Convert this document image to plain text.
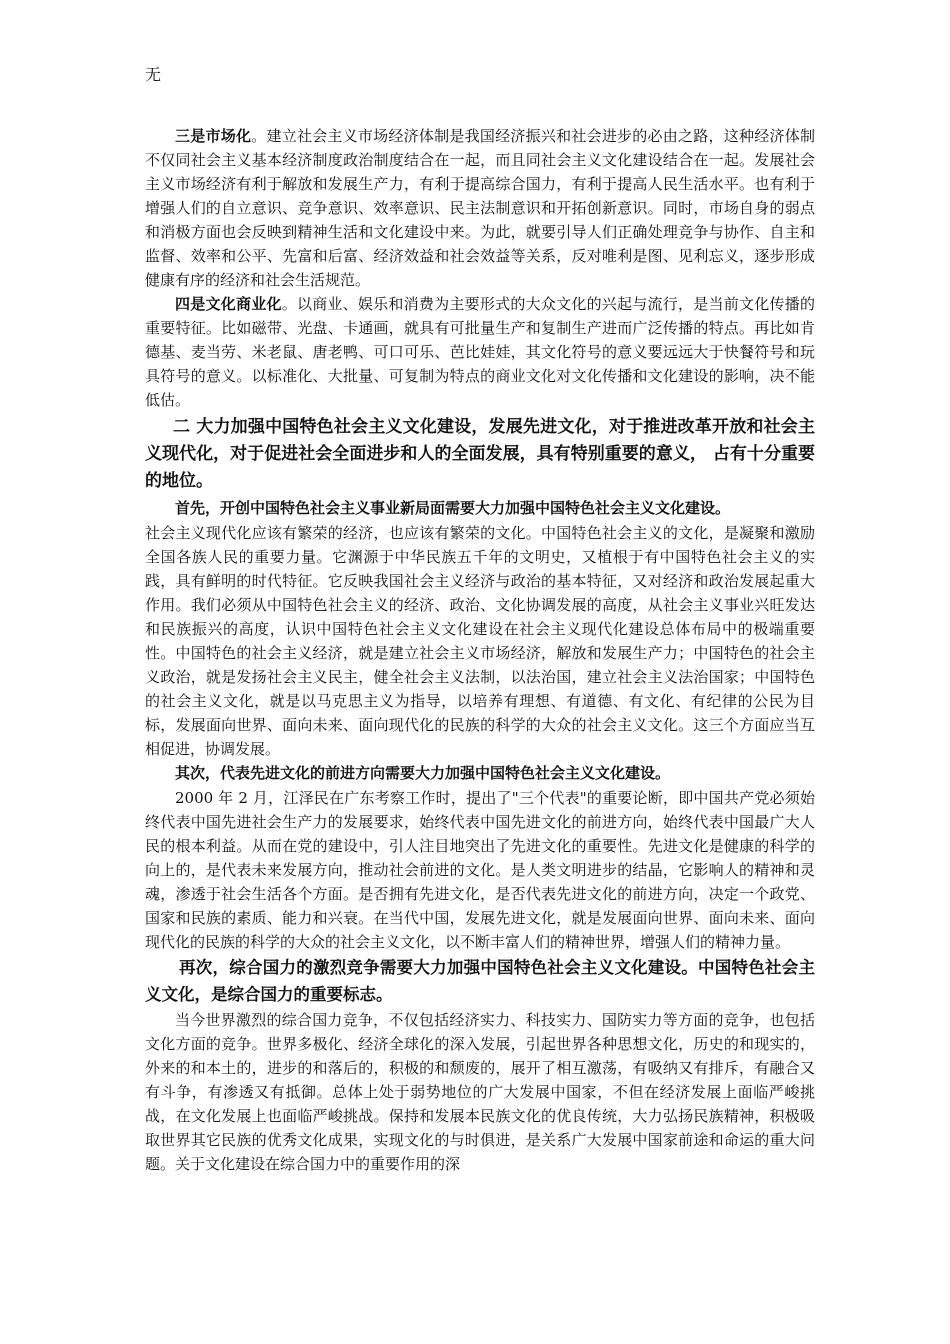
无

三是市场化。建立社会主义市场经济体制是我国经济振兴和社会进步的必由之路，这种经济体制不仅同社会主义基本经济制度政治制度结合在一起，而且同社会主义文化建设结合在一起。发展社会主义市场经济有利于解放和发展生产力，有利于提高综合国力，有利于提高人民生活水平。也有利于增强人们的自立意识、竞争意识、效率意识、民主法制意识和开拓创新意识。同时，市场自身的弱点和消极方面也会反映到精神生活和文化建设中来。为此，就要引导人们正确处理竞争与协作、自主和监督、效率和公平、先富和后富、经济效益和社会效益等关系，反对唯利是图、见利忘义，逐步形成健康有序的经济和社会生活规范。

四是文化商业化。以商业、娱乐和消费为主要形式的大众文化的兴起与流行，是当前文化传播的重要特征。比如磁带、光盘、卡通画，就具有可批量生产和复制生产进而广泛传播的特点。再比如肯德基、麦当劳、米老鼠、唐老鸭、可口可乐、芭比娃娃，其文化符号的意义要远远大于快餐符号和玩具符号的意义。以标准化、大批量、可复制为特点的商业文化对文化传播和文化建设的影响，决不能低估。

二 大力加强中国特色社会主义文化建设，发展先进文化，对于推进改革开放和社会主义现代化，对于促进社会全面进步和人的全面发展，具有特别重要的意义， 占有十分重要的地位。

首先，开创中国特色社会主义事业新局面需要大力加强中国特色社会主义文化建设。

社会主义现代化应该有繁荣的经济，也应该有繁荣的文化。中国特色社会主义的文化，是凝聚和激励全国各族人民的重要力量。它渊源于中华民族五千年的文明史，又植根于有中国特色社会主义的实践，具有鲜明的时代特征。它反映我国社会主义经济与政治的基本特征，又对经济和政治发展起重大作用。我们必须从中国特色社会主义的经济、政治、文化协调发展的高度，从社会主义事业兴旺发达和民族振兴的高度，认识中国特色社会主义文化建设在社会主义现代化建设总体布局中的极端重要性。中国特色的社会主义经济，就是建立社会主义市场经济，解放和发展生产力；中国特色的社会主义政治，就是发扬社会主义民主，健全社会主义法制，以法治国，建立社会主义法治国家；中国特色的社会主义文化，就是以马克思主义为指导，以培养有理想、有道德、有文化、有纪律的公民为目标，发展面向世界、面向未来、面向现代化的民族的科学的大众的社会主义文化。这三个方面应当互相促进，协调发展。

其次，代表先进文化的前进方向需要大力加强中国特色社会主义文化建设。

2000 年 2 月，江泽民在广东考察工作时，提出了"三个代表"的重要论断，即中国共产党必须始终代表中国先进社会生产力的发展要求，始终代表中国先进文化的前进方向，始终代表中国最广大人民的根本利益。从而在党的建设中，引人注目地突出了先进文化的重要性。先进文化是健康的科学的向上的，是代表未来发展方向，推动社会前进的文化。是人类文明进步的结晶，它影响人的精神和灵魂，渗透于社会生活各个方面。是否拥有先进文化，是否代表先进文化的前进方向，决定一个政党、国家和民族的素质、能力和兴衰。在当代中国，发展先进文化，就是发展面向世界、面向未来、面向现代化的民族的科学的大众的社会主义文化，以不断丰富人们的精神世界，增强人们的精神力量。

再次，综合国力的激烈竞争需要大力加强中国特色社会主义文化建设。中国特色社会主义文化，是综合国力的重要标志。

当今世界激烈的综合国力竞争，不仅包括经济实力、科技实力、国防实力等方面的竞争，也包括文化方面的竞争。世界多极化、经济全球化的深入发展，引起世界各种思想文化，历史的和现实的，外来的和本土的，进步的和落后的，积极的和颓废的，展开了相互激荡，有吸纳又有排斥，有融合又有斗争，有渗透又有抵御。总体上处于弱势地位的广大发展中国家，不但在经济发展上面临严峻挑战，在文化发展上也面临严峻挑战。保持和发展本民族文化的优良传统，大力弘扬民族精神，积极吸取世界其它民族的优秀文化成果，实现文化的与时俱进，是关系广大发展中国家前途和命运的重大问题。关于文化建设在综合国力中的重要作用的深
